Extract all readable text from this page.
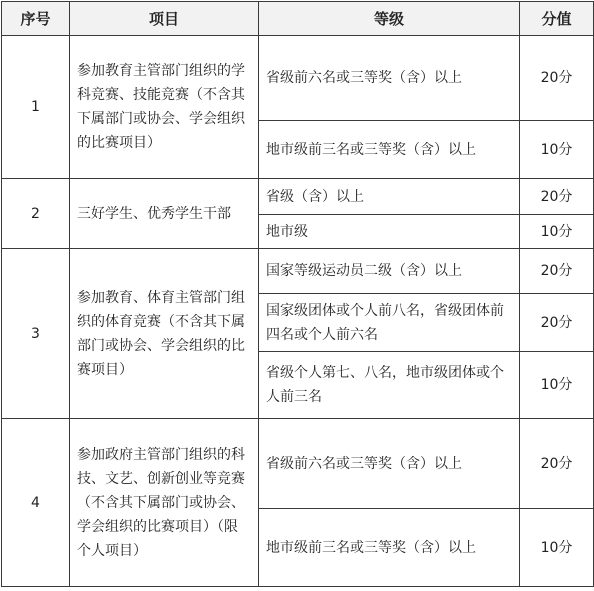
序号	项目	等级	分值
1	参加教育主管部门组织的学科竞赛、技能竞赛（不含其下属部门或协会、学会组织的比赛项目）	省级前六名或三等奖（含）以上	20分
		地市级前三名或三等奖（含）以上	10分
2	三好学生、优秀学生干部	省级（含）以上	20分
		地市级	10分
3	参加教育、体育主管部门组织的体育竞赛（不含其下属部门或协会、学会组织的比赛项目）	国家等级运动员二级（含）以上	20分
		国家级团体或个人前八名，省级团体前四名或个人前六名	20分
		省级个人第七、八名，地市级团体或个人前三名	10分
4	参加政府主管部门组织的科技、文艺、创新创业等竞赛（不含其下属部门或协会、学会组织的比赛项目）（限个人项目）	省级前六名或三等奖（含）以上	20分
		地市级前三名或三等奖（含）以上	10分
